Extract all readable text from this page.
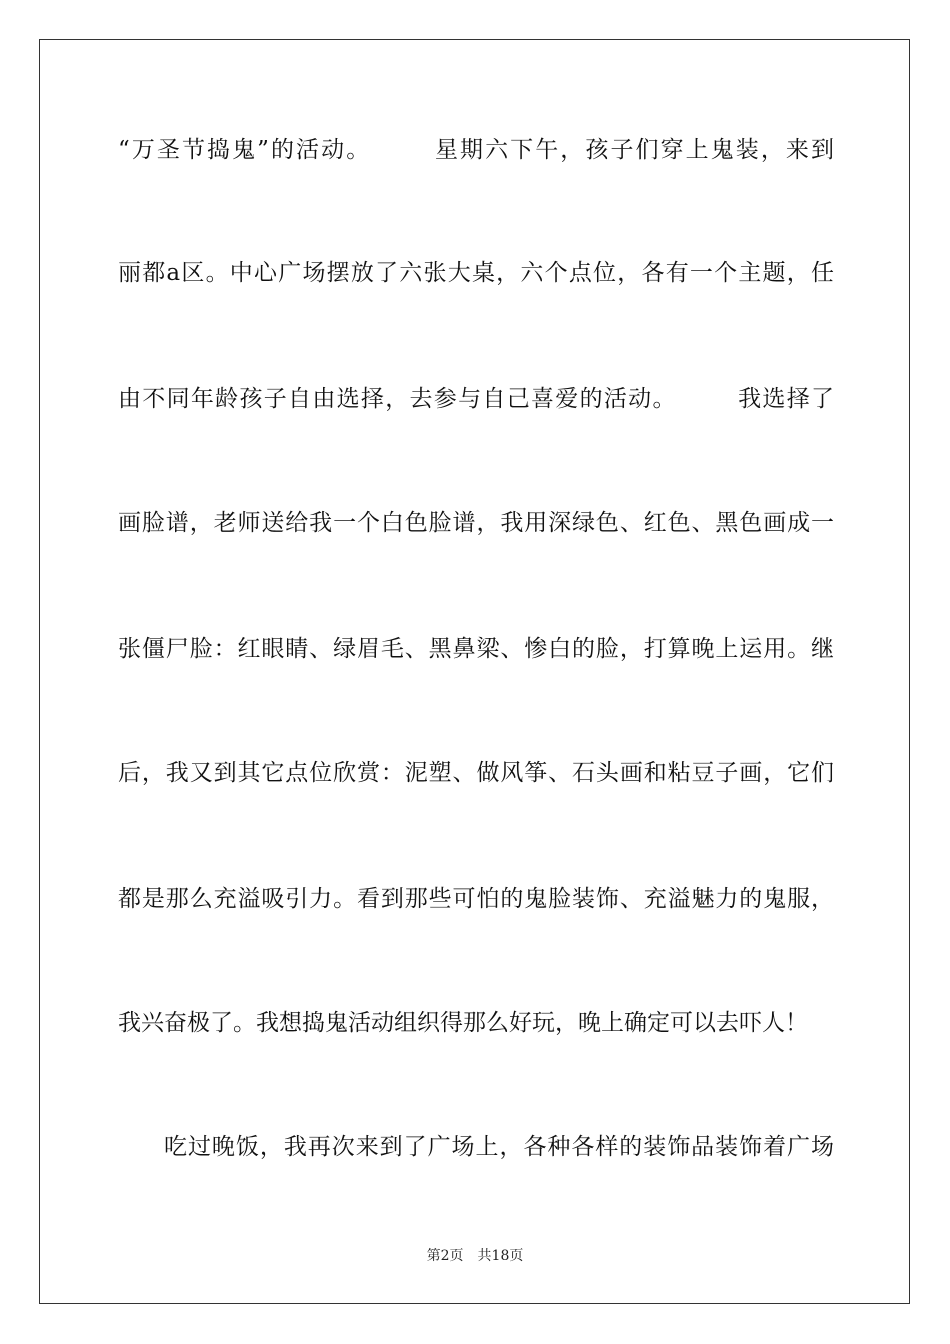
“万圣节捣鬼”的活动。　　　星期六下午，孩子们穿上鬼装，来到
丽都a区。中心广场摆放了六张大桌，六个点位，各有一个主题，任
由不同年龄孩子自由选择，去参与自己喜爱的活动。　　　我选择了
画脸谱，老师送给我一个白色脸谱，我用深绿色、红色、黑色画成一
张僵尸脸：红眼睛、绿眉毛、黑鼻梁、惨白的脸，打算晚上运用。继
后，我又到其它点位欣赏：泥塑、做风筝、石头画和粘豆子画，它们
都是那么充溢吸引力。看到那些可怕的鬼脸装饰、充溢魅力的鬼服，
我兴奋极了。我想捣鬼活动组织得那么好玩，晚上确定可以去吓人！
吃过晚饭，我再次来到了广场上，各种各样的装饰品装饰着广场
第2页 共18页
